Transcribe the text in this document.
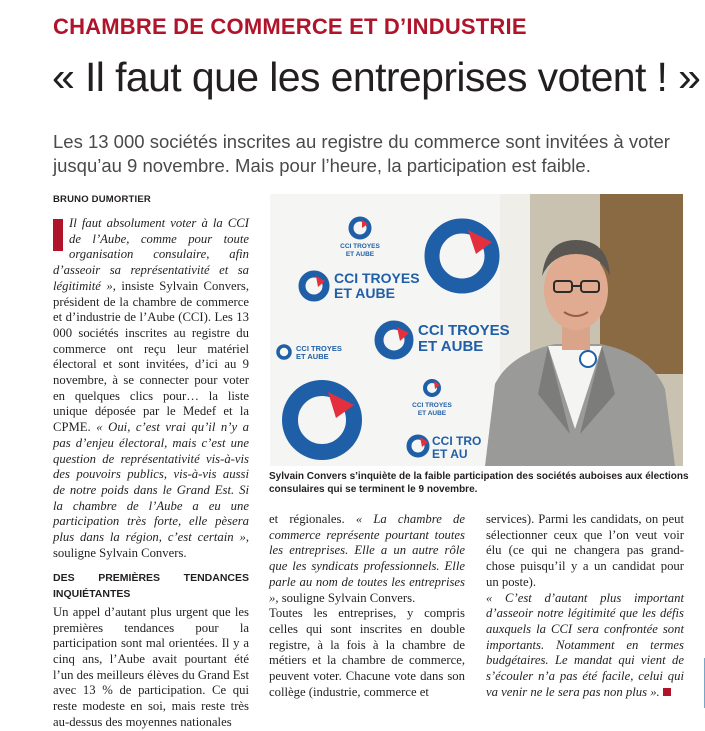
CHAMBRE DE COMMERCE ET D’INDUSTRIE
« Il faut que les entreprises votent ! »
Les 13 000 sociétés inscrites au registre du commerce sont invitées à voter jusqu’au 9 novembre. Mais pour l’heure, la participation est faible.
BRUNO DUMORTIER

Il faut absolument voter à la CCI de l’Aube, comme pour toute organisation consulaire, afin d’asseoir sa représentativité et sa légitimité », insiste Sylvain Convers, président de la chambre de commerce et d’industrie de l’Aube (CCI). Les 13 000 sociétés inscrites au registre du commerce ont reçu leur matériel électoral et sont invitées, d’ici au 9 novembre, à se connecter pour voter en quelques clics pour… la liste unique déposée par le Medef et la CPME. « Oui, c’est vrai qu’il n’y a pas d’enjeu électoral, mais c’est une question de représentativité vis-à-vis des pouvoirs publics, vis-à-vis aussi de notre poids dans le Grand Est. Si la chambre de l’Aube a eu une participation très forte, elle pèsera plus dans la région, c’est certain », souligne Sylvain Convers.

DES PREMIÈRES TENDANCES INQUIÉTANTES

Un appel d’autant plus urgent que les premières tendances pour la participation sont mal orientées. Il y a cinq ans, l’Aube avait pourtant été l’un des meilleurs élèves du Grand Est avec 13 % de participation. Ce qui reste modeste en soi, mais reste très au-dessus des moyennes nationales

CCI TROYES
ET AUBE
CCI TROYES
ET AUBE
CCI TROYES
ET AUBE
CCI TROYES
ET AUBE
CCI TROYES
ET AUBE
CCI TRO
ET AU
Sylvain Convers s’inquiète de la faible participation des sociétés auboises aux élections consulaires qui se terminent le 9 novembre.

et régionales. « La chambre de commerce représente pourtant toutes les entreprises. Elle a un autre rôle que les syndicats professionnels. Elle parle au nom de toutes les entreprises », souligne Sylvain Convers.

Toutes les entreprises, y compris celles qui sont inscrites en double registre, à la fois à la chambre de métiers et la chambre de commerce, peuvent voter. Chacune vote dans son collège (industrie, commerce et

services). Parmi les candidats, on peut sélectionner ceux que l’on veut voir élu (ce qui ne changera pas grand-chose puisqu’il y a un candidat pour un poste).

« C’est d’autant plus important d’asseoir notre légitimité que les défis auxquels la CCI sera confrontée sont importants. Notamment en termes budgétaires. Le mandat qui vient de s’écouler n’a pas été facile, celui qui va venir ne le sera pas non plus ».
